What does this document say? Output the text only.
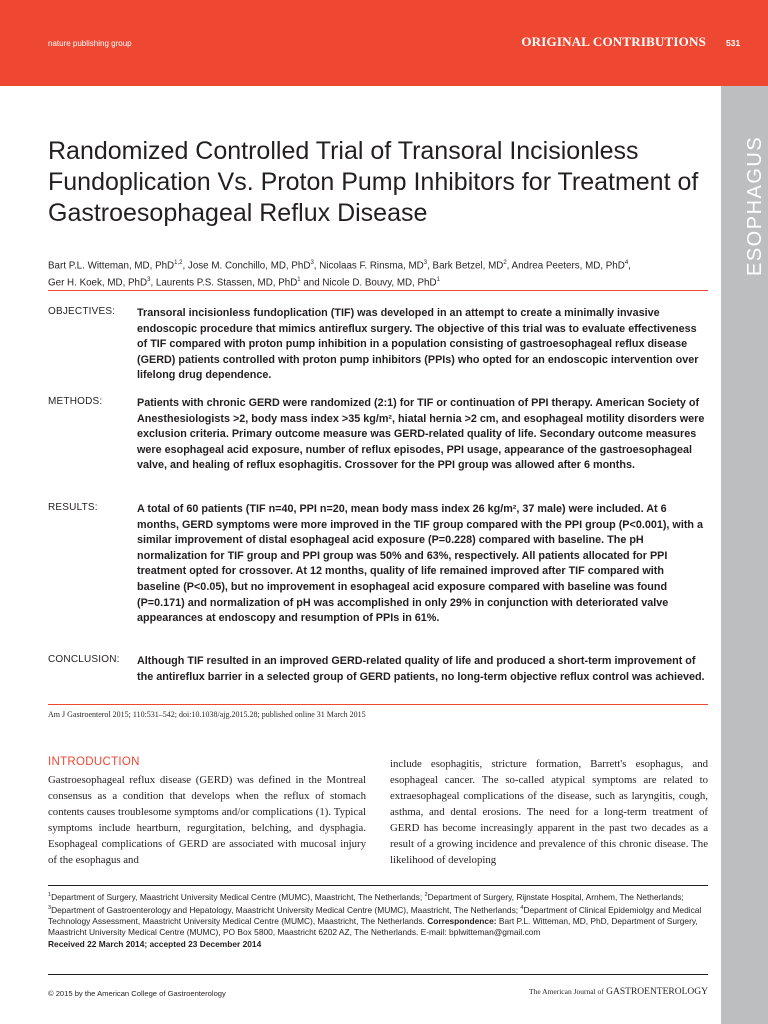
nature publishing group	ORIGINAL CONTRIBUTIONS 531
ESOPHAGUS
Randomized Controlled Trial of Transoral Incisionless Fundoplication Vs. Proton Pump Inhibitors for Treatment of Gastroesophageal Reflux Disease
Bart P.L. Witteman, MD, PhD$^{1,2}$, Jose M. Conchillo, MD, PhD$^3$, Nicolaas F. Rinsma, $MD^3$, Bark Betzel, $MD^2$, Andrea Peeters, MD, PhD$^4$,
Ger H. Koek, MD, PhD$^3$, Laurents P.S. Stassen, MD, PhD$^1$ and Nicole D. Bouvy, MD, PhD$^1$
OBJECTIVES: Transoral incisionless fundoplication (TIF) was developed in an attempt to create a minimally invasive endoscopic procedure that mimics antireflux surgery. The objective of this trial was to evaluate effectiveness of TIF compared with proton pump inhibition in a population consisting of gastroesophageal reflux disease (GERD) patients controlled with proton pump inhibitors (PPIs) who opted for an endoscopic intervention over lifelong drug dependence.
METHODS:	Patients with chronic GERD were randomized (2:1) for TIF or continuation of PPI therapy. American Society of Anesthesiologists >2, body mass index >35 kg/m², hiatal hernia >2 cm, and esophageal motility disorders were exclusion criteria. Primary outcome measure was GERD-related quality of life. Secondary outcome measures were esophageal acid exposure, number of reflux episodes, PPI usage, appearance of the gastroesophageal valve, and healing of reflux esophagitis. Crossover for the PPI group was allowed after 6 months.
RESULTS:	A total of 60 patients (TIF n=40, PPI n=20, mean body mass index 26 kg/m², 37 male) were included. At 6 months, GERD symptoms were more improved in the TIF group compared with the PPI group (P<0.001), with a similar improvement of distal esophageal acid exposure (P=0.228) compared with baseline. The pH normalization for TIF group and PPI group was 50% and 63%, respectively. All patients allocated for PPI treatment opted for crossover. At 12 months, quality of life remained improved after TIF compared with baseline (P<0.05), but no improvement in esophageal acid exposure compared with baseline was found (P=0.171) and normalization of pH was accomplished in only 29% in conjunction with deteriorated valve appearances at endoscopy and resumption of PPIs in 61%.
CONCLUSION: Although TIF resulted in an improved GERD-related quality of life and produced a short-term improvement of the antireflux barrier in a selected group of GERD patients, no long-term objective reflux control was achieved.
Am J Gastroenterol 2015; 110:531–542; doi:10.1038/ajg.2015.28; published online 31 March 2015
INTRODUCTION
Gastroesophageal reflux disease (GERD) was defined in the Montreal consensus as a condition that develops when the reflux of stomach contents causes troublesome symptoms and/or complications (1). Typical symptoms include heartburn, regurgitation, belching, and dysphagia. Esophageal complications of GERD are associated with mucosal injury of the esophagus and
include esophagitis, stricture formation, Barrett's esophagus, and esophageal cancer. The so-called atypical symptoms are related to extraesophageal complications of the disease, such as laryngitis, cough, asthma, and dental erosions. The need for a long-term treatment of GERD has become increasingly apparent in the past two decades as a result of a growing incidence and prevalence of this chronic disease. The likelihood of developing
$^1$Department of Surgery, Maastricht University Medical Centre (MUMC), Maastricht, The Netherlands; $^2$Department of Surgery, Rijnstate Hospital, Arnhem, The Netherlands; $^3$Department of Gastroenterology and Hepatology, Maastricht University Medical Centre (MUMC), Maastricht, The Netherlands; $^4$Department of Clinical Epidemiolgy and Medical Technology Assessment, Maastricht University Medical Centre (MUMC), Maastricht, The Netherlands. Correspondence: Bart P.L. Witteman, MD, PhD, Department of Surgery, Maastricht University Medical Centre (MUMC), PO Box 5800, Maastricht 6202 AZ, The Netherlands. E-mail: bplwitteman@gmail.com
Received 22 March 2014; accepted 23 December 2014
© 2015 by the American College of Gastroenterology	The American Journal of GASTROENTEROLOGY
